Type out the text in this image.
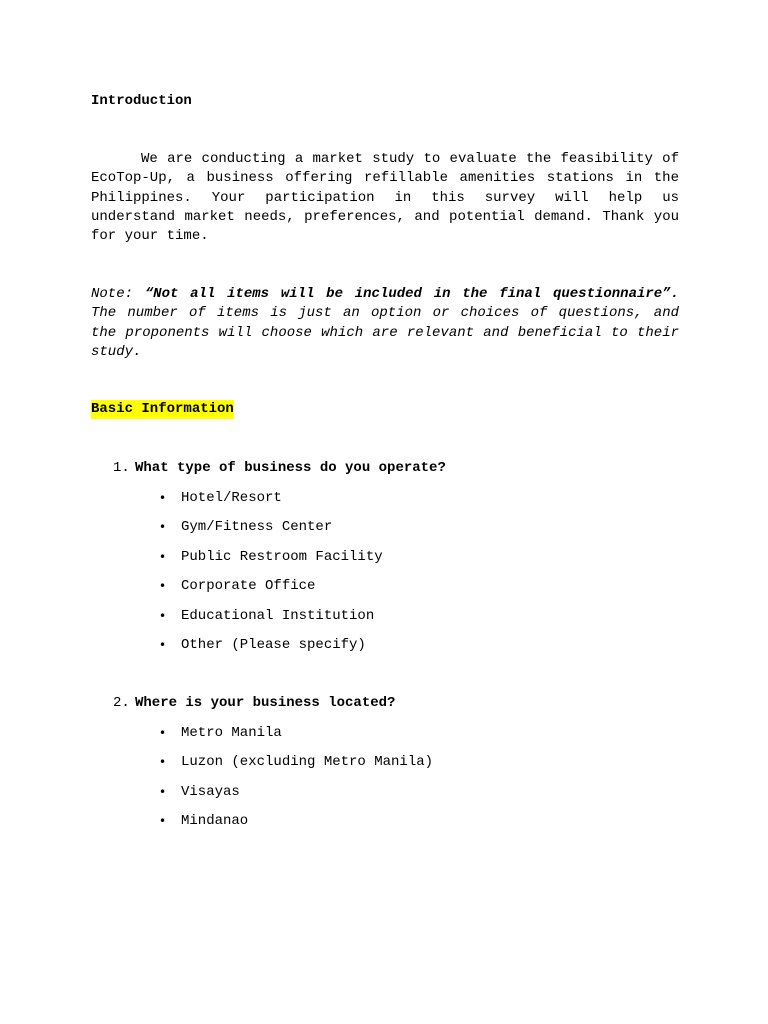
Introduction

We are conducting a market study to evaluate the feasibility of EcoTop-Up, a business offering refillable amenities stations in the Philippines. Your participation in this survey will help us understand market needs, preferences, and potential demand. Thank you for your time.

Note: “Not all items will be included in the final questionnaire”. The number of items is just an option or choices of questions, and the proponents will choose which are relevant and beneficial to their study.

Basic Information
1. What type of business do you operate?
•	Hotel/Resort
•	Gym/Fitness Center
•	Public Restroom Facility
•	Corporate Office
•	Educational Institution
•	Other (Please specify)
2. Where is your business located?
•	Metro Manila
•	Luzon (excluding Metro Manila)
•	Visayas
•	Mindanao
